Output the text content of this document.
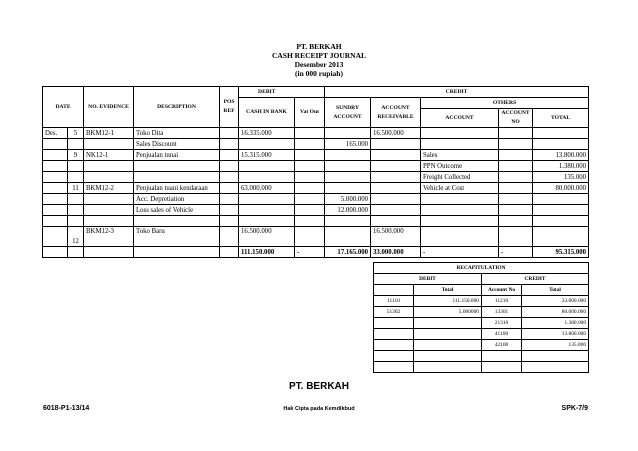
PT. BERKAH
CASH RECEIPT JOURNAL
Desember 2013
(in 000 rupiah)
DATE		NO. EVIDENCE	DESCRIPTION	POS REF	DEBIT		CREDIT				
					CASH IN BANK	Vat Out	SUNDRY ACCOUNT	ACCOUNT RECEIVABLE	OTHERS		
									ACCOUNT	ACCOUNT NO	TOTAL
Des.	5	BKM12-1	Toko Dita		16.335.000			16.500.000			
			Sales Discount				165.000				
	9	NK12-1	Penjualan tunai		15.315.000				Sales		13.800.000
									PPN Outcome		1.380.000
									Freight Collected		135.000
	11	BKM12-2	Penjualan tuani kendaraan		63.000.000				Vehicle at Cost		80.000.000
			Acc. Depretiation				5.000.000				
			Loss sales of Vehicle				12.000.000				

	12	BKM12-3	Toko Baru		16.500.000			16.500.000			
					111.150.000	-	17.165.000	33.000.000	-	-	95.315.000
RECAPITULATION			
DEBIT		CREDIT	
	Total	Account No	Total
11110	111.150.000	11210	33.000.000
51302	5.000000	13301	80.000.000
		21310	1.380.000
		41100	13.800.000
		42100	135.000

PT. BERKAH
6018-P1-13/14	Hak Cipta pada Kemdikbud	SPK-7/9
